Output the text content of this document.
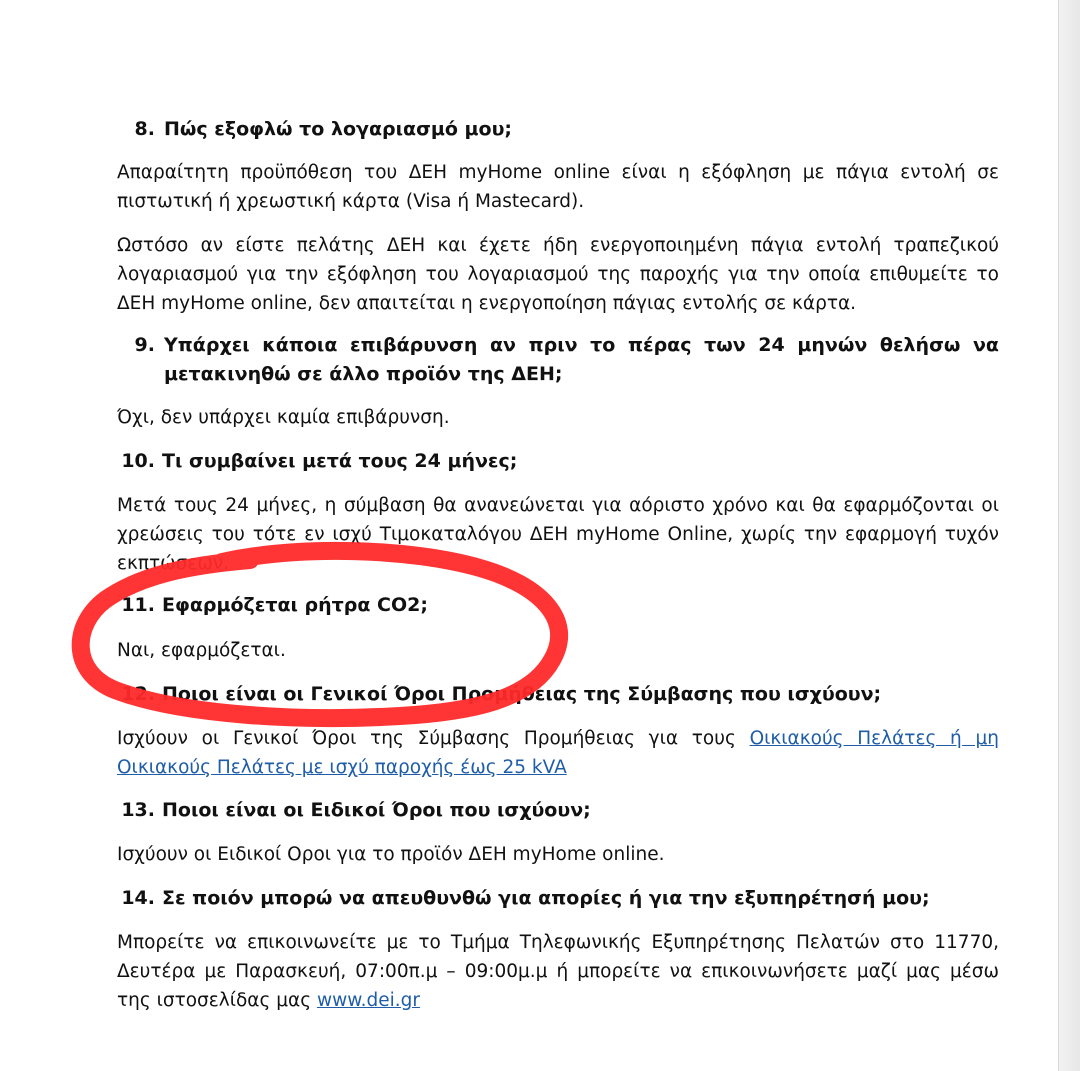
8. Πώς εξοφλώ το λογαριασμό μου;
Απαραίτητη προϋπόθεση του ΔΕΗ myHome online είναι η εξόφληση με πάγια εντολή σε πιστωτική ή χρεωστική κάρτα (Visa ή Mastecard).
Ωστόσο αν είστε πελάτης ΔΕΗ και έχετε ήδη ενεργοποιημένη πάγια εντολή τραπεζικού λογαριασμού για την εξόφληση του λογαριασμού της παροχής για την οποία επιθυμείτε το ΔΕΗ myHome online, δεν απαιτείται η ενεργοποίηση πάγιας εντολής σε κάρτα.
9. Υπάρχει κάποια επιβάρυνση αν πριν το πέρας των 24 μηνών θελήσω να μετακινηθώ σε άλλο προϊόν της ΔΕΗ;
Όχι, δεν υπάρχει καμία επιβάρυνση.
10. Τι συμβαίνει μετά τους 24 μήνες;
Μετά τους 24 μήνες, η σύμβαση θα ανανεώνεται για αόριστο χρόνο και θα εφαρμόζονται οι χρεώσεις του τότε εν ισχύ Τιμοκαταλόγου ΔΕΗ myHome Online, χωρίς την εφαρμογή τυχόν εκπτώσεων.
11. Εφαρμόζεται ρήτρα CO2;
Ναι, εφαρμόζεται.
12. Ποιοι είναι οι Γενικοί Όροι Προμήθειας της Σύμβασης που ισχύουν;
Ισχύουν οι Γενικοί Όροι της Σύμβασης Προμήθειας για τους Οικιακούς Πελάτες ή μη Οικιακούς Πελάτες με ισχύ παροχής έως 25 kVA
13. Ποιοι είναι οι Ειδικοί Όροι που ισχύουν;
Ισχύουν οι Ειδικοί Οροι για το προϊόν ΔΕΗ myHome online.
14. Σε ποιόν μπορώ να απευθυνθώ για απορίες ή για την εξυπηρέτησή μου;
Μπορείτε να επικοινωνείτε με το Τμήμα Τηλεφωνικής Εξυπηρέτησης Πελατών στο 11770, Δευτέρα με Παρασκευή, 07:00π.μ – 09:00μ.μ ή μπορείτε να επικοινωνήσετε μαζί μας μέσω της ιστοσελίδας μας www.dei.gr
